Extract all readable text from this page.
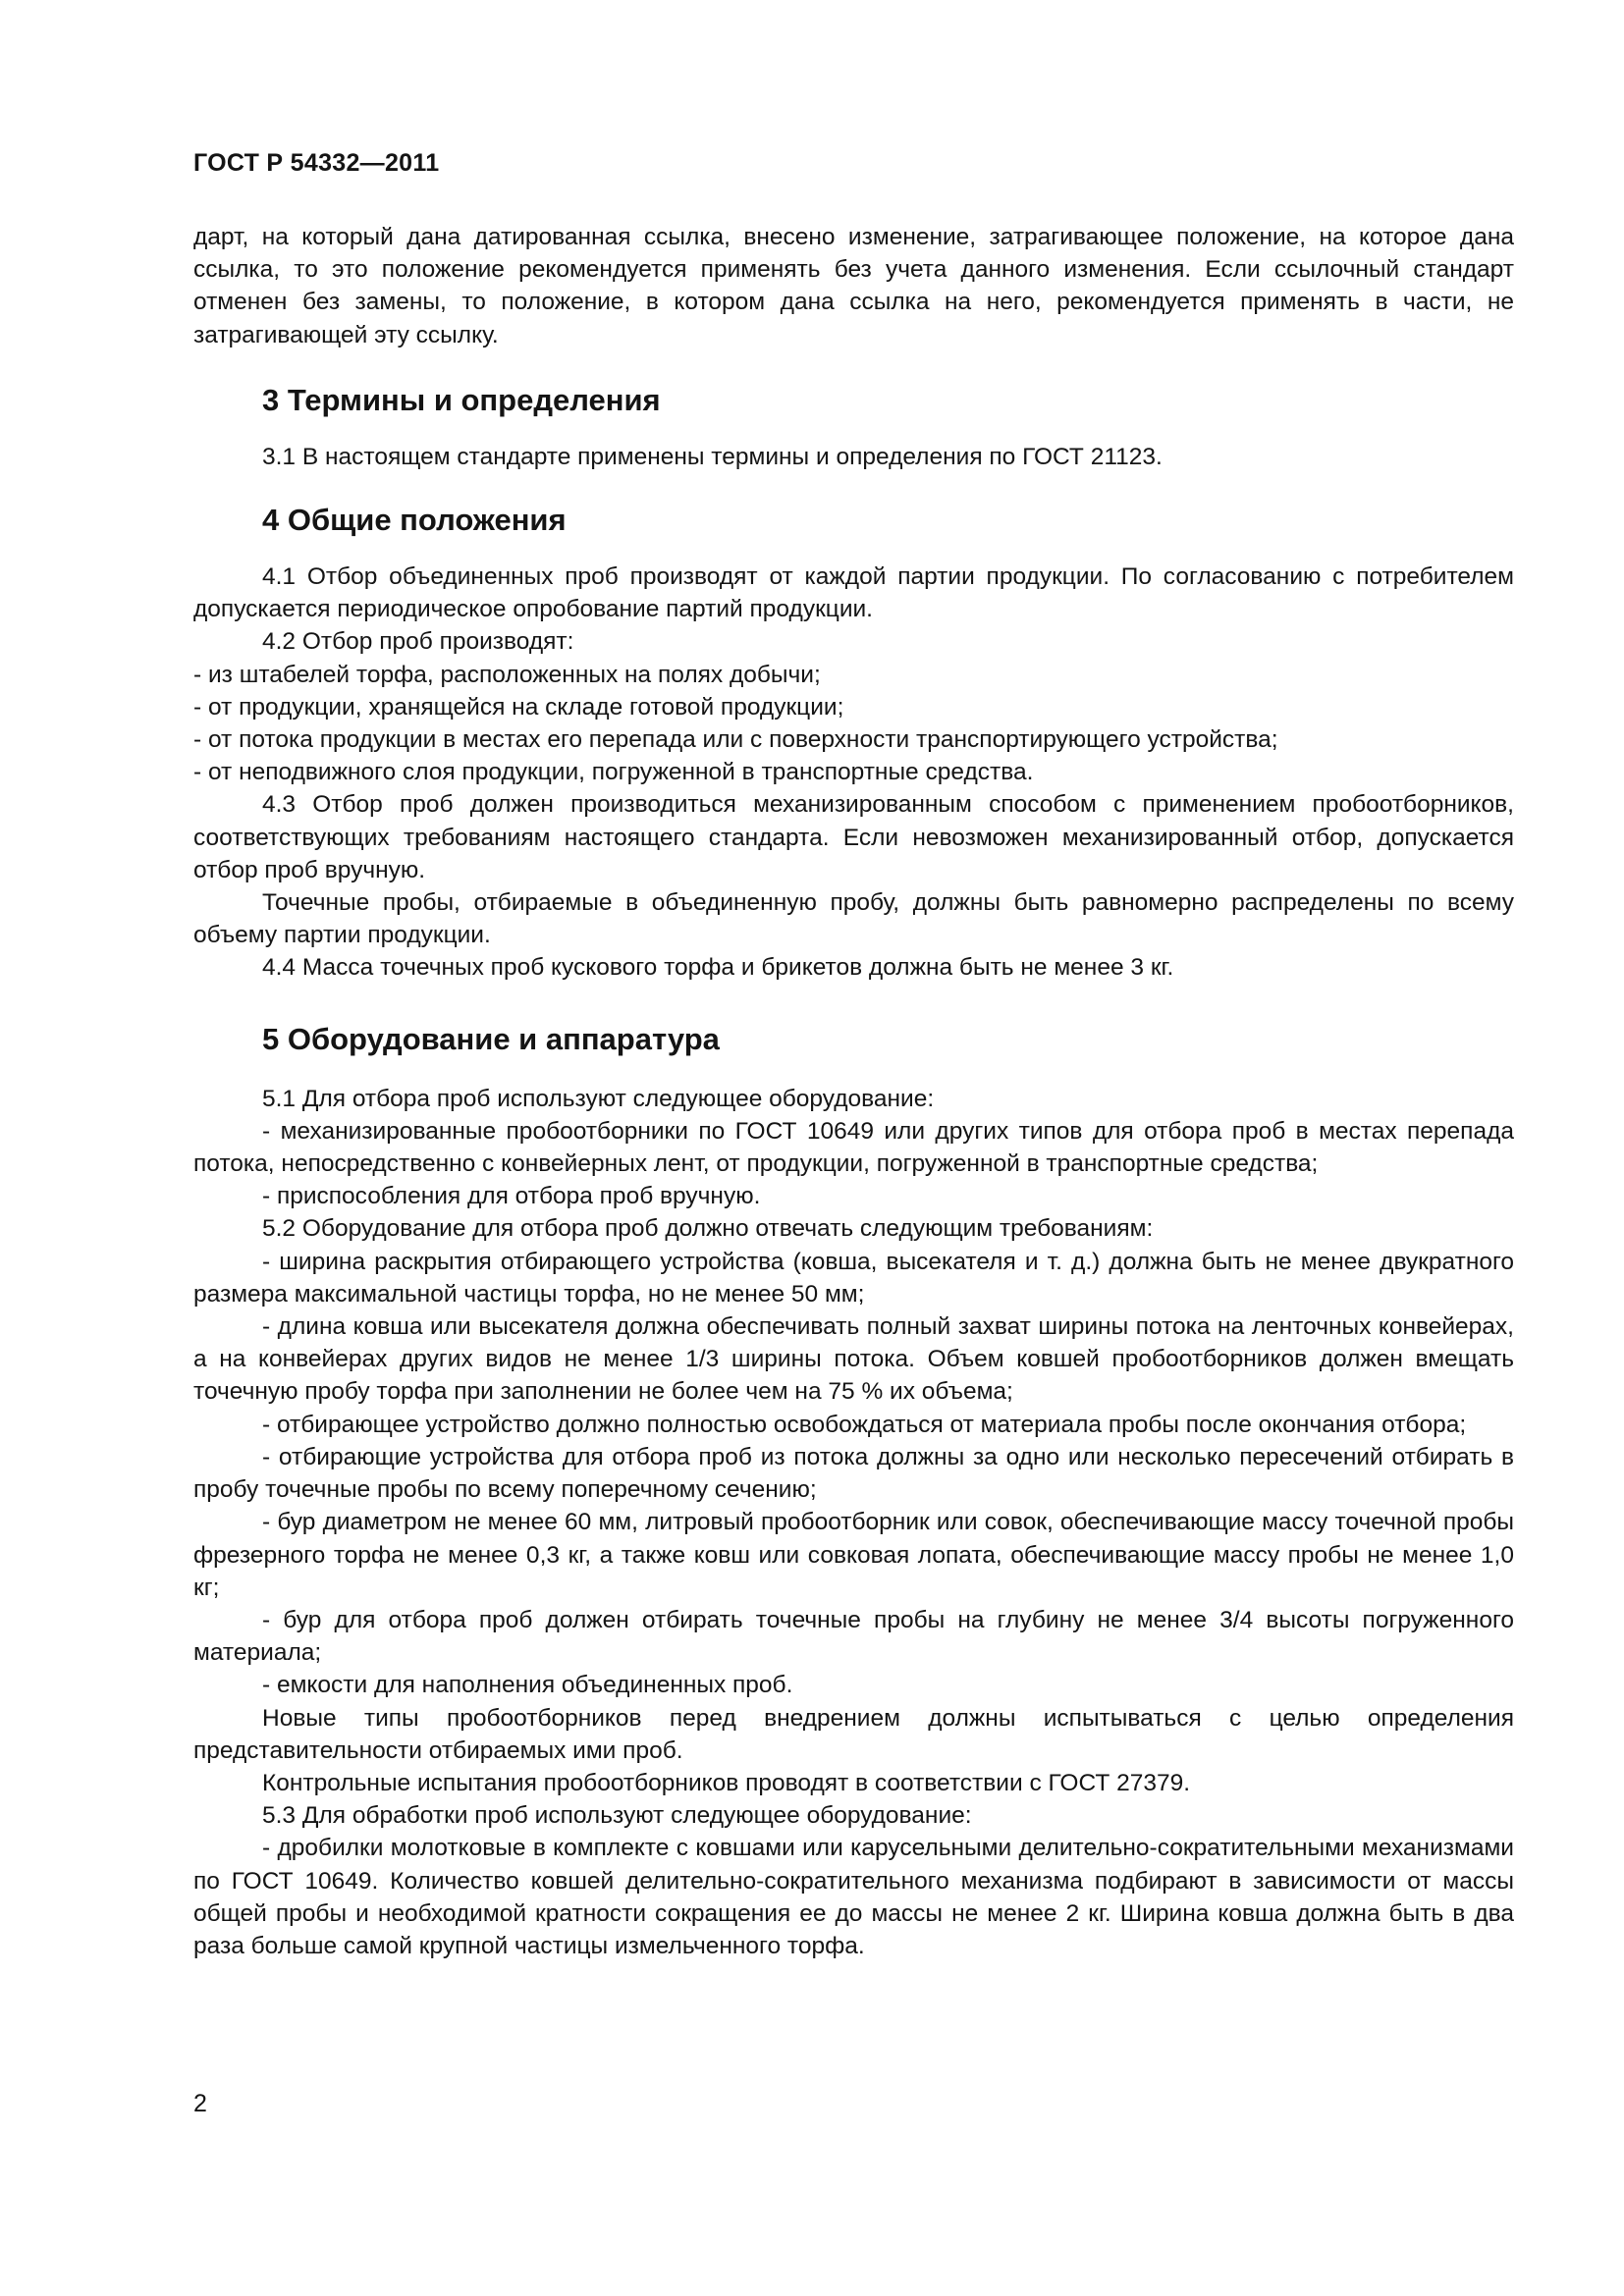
ГОСТ Р 54332—2011

дарт, на который дана датированная ссылка, внесено изменение, затрагивающее положение, на которое дана ссылка, то это положение рекомендуется применять без учета данного изменения. Если ссылочный стандарт отменен без замены, то положение, в котором дана ссылка на него, рекомендуется применять в части, не затрагивающей эту ссылку.

3 Термины и определения

3.1 В настоящем стандарте применены термины и определения по ГОСТ 21123.

4 Общие положения

4.1 Отбор объединенных проб производят от каждой партии продукции. По согласованию с потребителем допускается периодическое опробование партий продукции.

4.2 Отбор проб производят:

- из штабелей торфа, расположенных на полях добычи;

- от продукции, хранящейся на складе готовой продукции;

- от потока продукции в местах его перепада или с поверхности транспортирующего устройства;

- от неподвижного слоя продукции, погруженной в транспортные средства.

4.3 Отбор проб должен производиться механизированным способом с применением пробоотборников, соответствующих требованиям настоящего стандарта. Если невозможен механизированный отбор, допускается отбор проб вручную.

Точечные пробы, отбираемые в объединенную пробу, должны быть равномерно распределены по всему объему партии продукции.

4.4 Масса точечных проб кускового торфа и брикетов должна быть не менее 3 кг.

5 Оборудование и аппаратура

5.1 Для отбора проб используют следующее оборудование:

- механизированные пробоотборники по ГОСТ 10649 или других типов для отбора проб в местах перепада потока, непосредственно с конвейерных лент, от продукции, погруженной в транспортные средства;

- приспособления для отбора проб вручную.

5.2 Оборудование для отбора проб должно отвечать следующим требованиям:

- ширина раскрытия отбирающего устройства (ковша, высекателя и т. д.) должна быть не менее двукратного размера максимальной частицы торфа, но не менее 50 мм;

- длина ковша или высекателя должна обеспечивать полный захват ширины потока на ленточных конвейерах, а на конвейерах других видов не менее 1/3 ширины потока. Объем ковшей пробоотборников должен вмещать точечную пробу торфа при заполнении не более чем на 75 % их объема;

- отбирающее устройство должно полностью освобождаться от материала пробы после окончания отбора;

- отбирающие устройства для отбора проб из потока должны за одно или несколько пересечений отбирать в пробу точечные пробы по всему поперечному сечению;

- бур диаметром не менее 60 мм, литровый пробоотборник или совок, обеспечивающие массу точечной пробы фрезерного торфа не менее 0,3 кг, а также ковш или совковая лопата, обеспечивающие массу пробы не менее 1,0 кг;

- бур для отбора проб должен отбирать точечные пробы на глубину не менее 3/4 высоты погруженного материала;

- емкости для наполнения объединенных проб.

Новые типы пробоотборников перед внедрением должны испытываться с целью определения представительности отбираемых ими проб.

Контрольные испытания пробоотборников проводят в соответствии с ГОСТ 27379.

5.3 Для обработки проб используют следующее оборудование:

- дробилки молотковые в комплекте с ковшами или карусельными делительно-сократительными механизмами по ГОСТ 10649. Количество ковшей делительно-сократительного механизма подбирают в зависимости от массы общей пробы и необходимой кратности сокращения ее до массы не менее 2 кг. Ширина ковша должна быть в два раза больше самой крупной частицы измельченного торфа.

2
